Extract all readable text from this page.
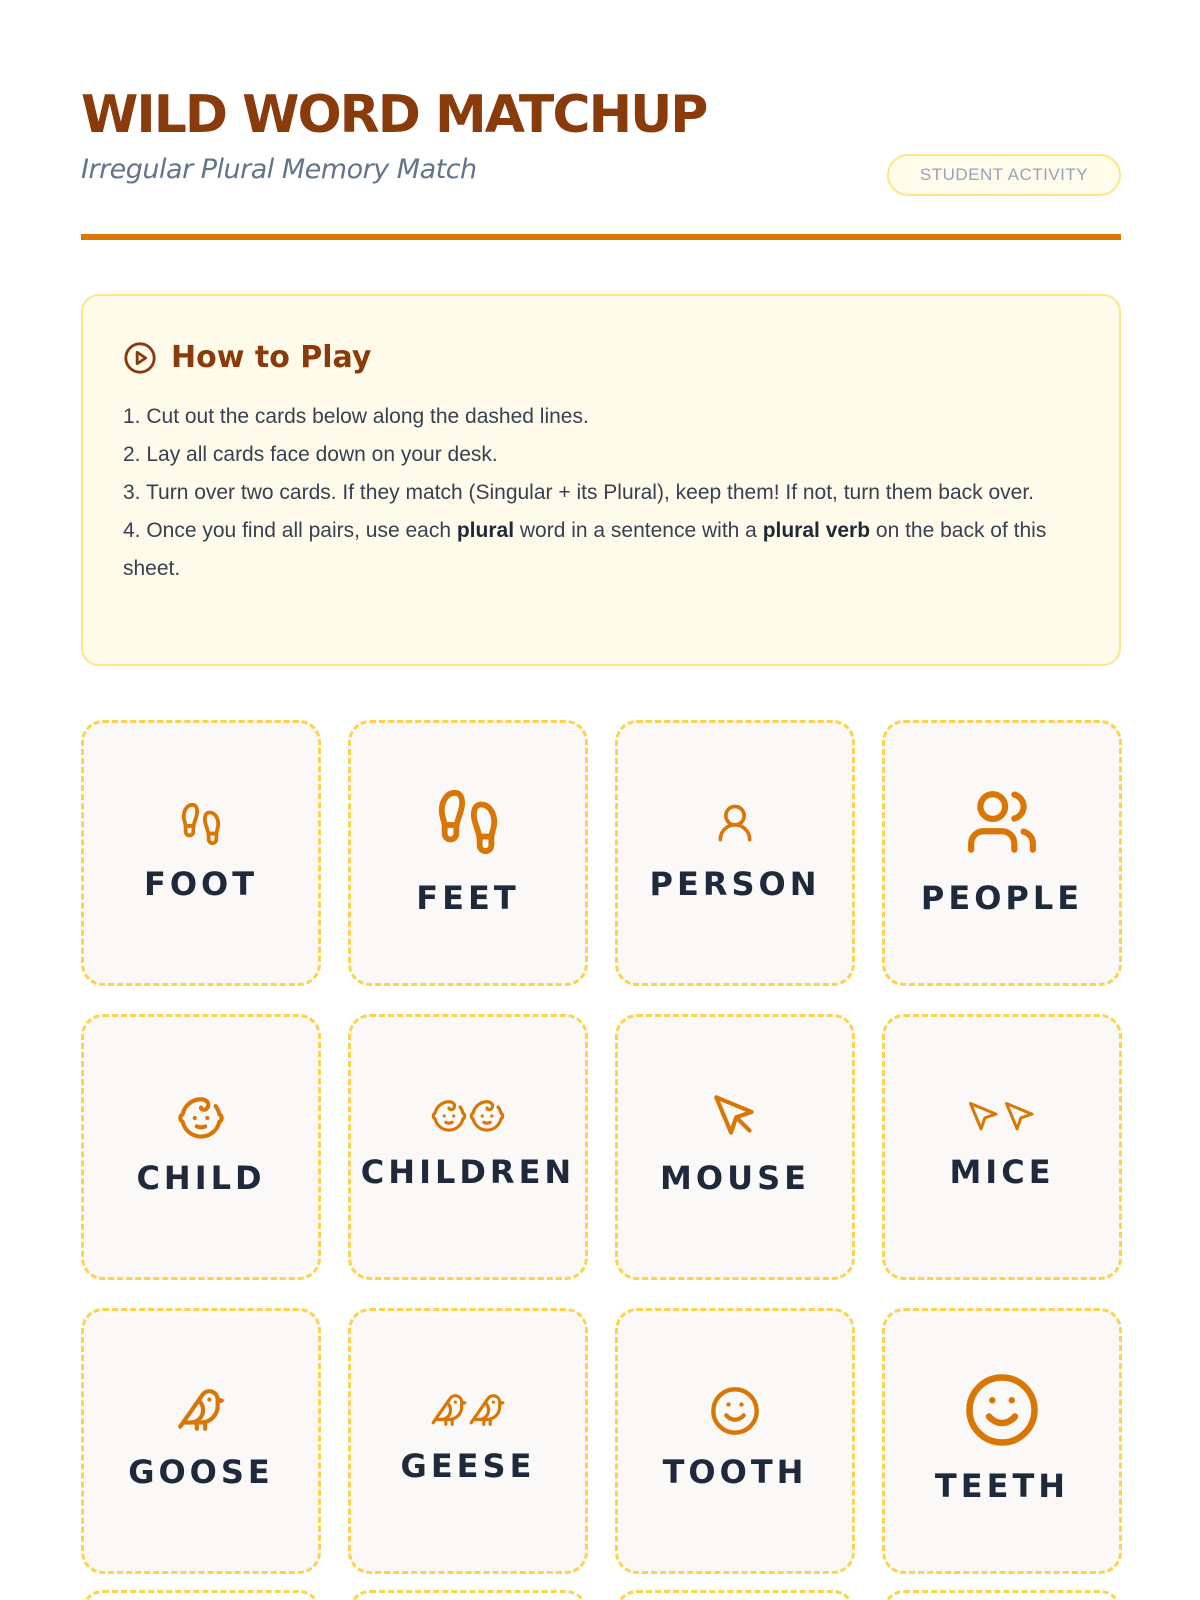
WILD WORD MATCHUP
Irregular Plural Memory Match	STUDENT ACTIVITY
How to Play
1. Cut out the cards below along the dashed lines.
2. Lay all cards face down on your desk.
3. Turn over two cards. If they match (Singular + its Plural), keep them! If not, turn them back over.
4. Once you find all pairs, use each plural word in a sentence with a plural verb on the back of this sheet.
FOOT	FEET	PERSON	PEOPLE
CHILD	CHILDREN	MOUSE	MICE
GOOSE	GEESE	TOOTH	TEETH
